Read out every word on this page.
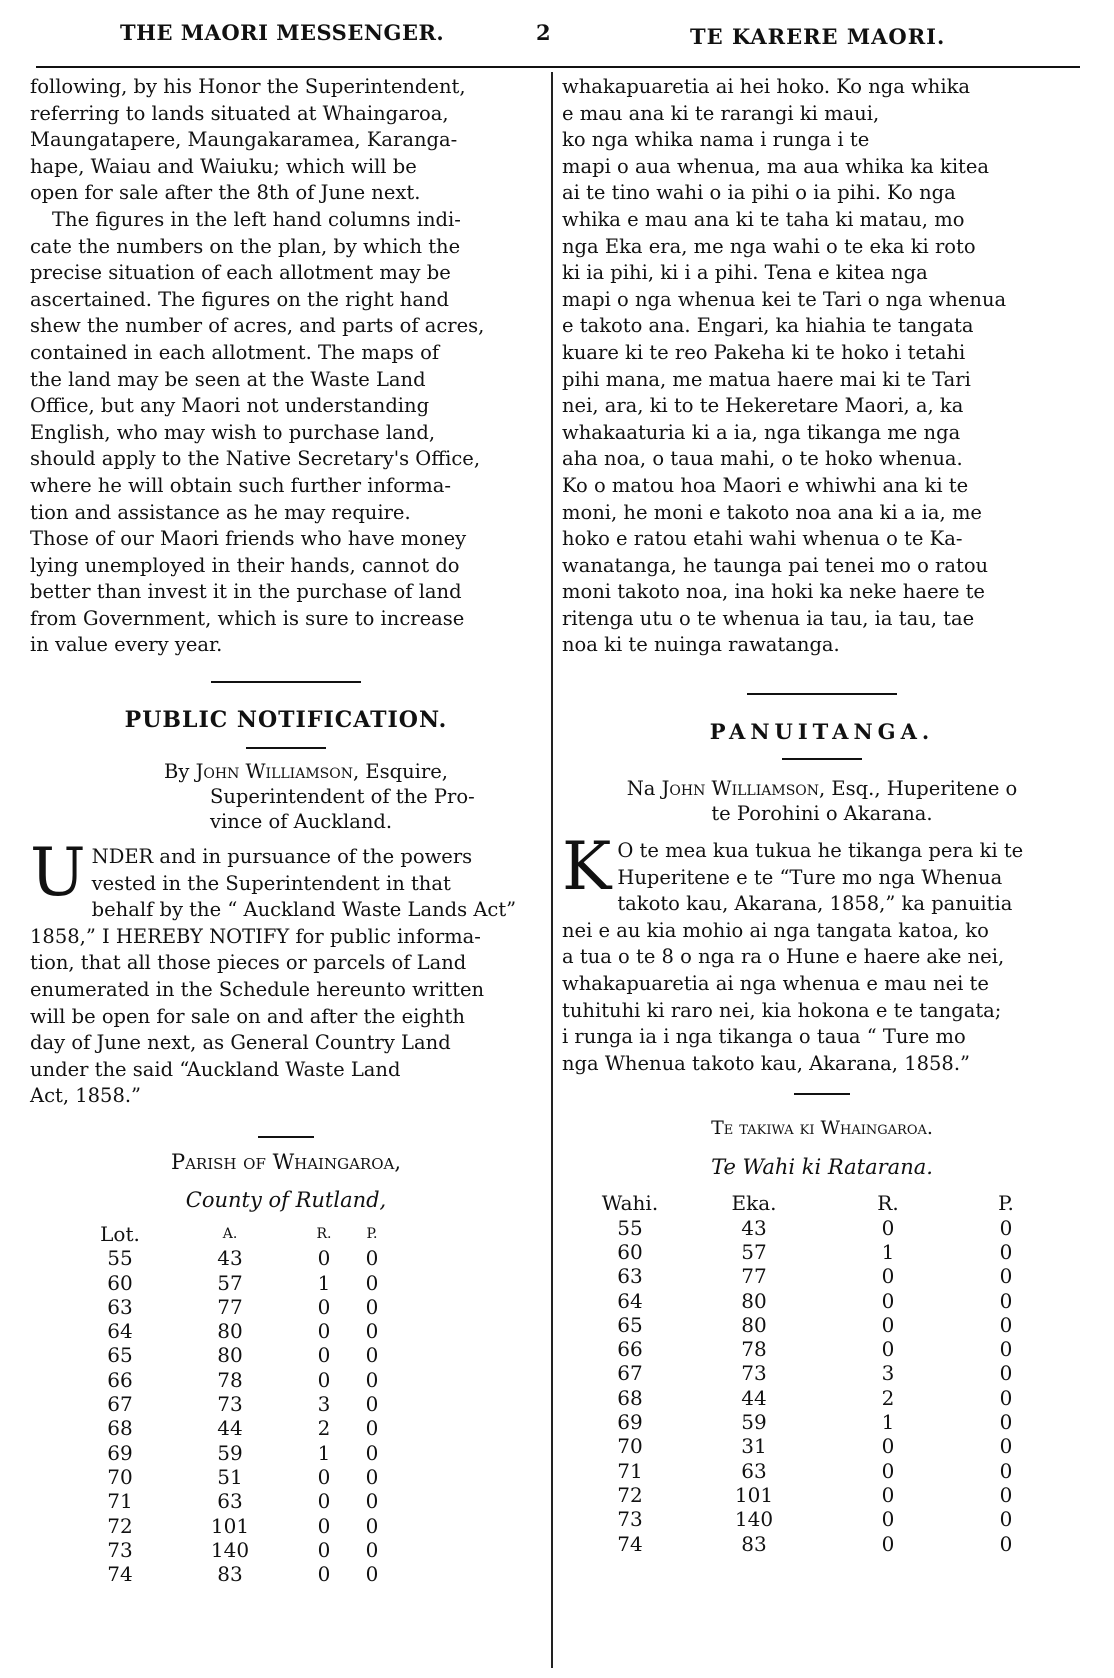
THE MAORI MESSENGER.	2	TE KARERE MAORI.
following, by his Honor the Superintendent,
referring to lands situated at Whaingaroa,
Maungatapere, Maungakaramea, Karanga-
hape, Waiau and Waiuku; which will be
open for sale after the 8th of June next.
The figures in the left hand columns indi-
cate the numbers on the plan, by which the
precise situation of each allotment may be
ascertained. The figures on the right hand
shew the number of acres, and parts of acres,
contained in each allotment. The maps of
the land may be seen at the Waste Land
Office, but any Maori not understanding
English, who may wish to purchase land,
should apply to the Native Secretary's Office,
where he will obtain such further informa-
tion and assistance as he may require.
Those of our Maori friends who have money
lying unemployed in their hands, cannot do
better than invest it in the purchase of land
from Government, which is sure to increase
in value every year.
PUBLIC NOTIFICATION.
By John Williamson, Esquire,
Superintendent of the Pro-
vince of Auckland.
U NDER and in pursuance of the powers
vested in the Superintendent in that
behalf by the “ Auckland Waste Lands Act”
1858,” I HEREBY NOTIFY for public informa-
tion, that all those pieces or parcels of Land
enumerated in the Schedule hereunto written
will be open for sale on and after the eighth
day of June next, as General Country Land
under the said “Auckland Waste Land
Act, 1858.”
Parish of Whaingaroa,
County of Rutland,
Lot.	A.	R.	P.
55	43	0	0
60	57	1	0
63	77	0	0
64	80	0	0
65	80	0	0
66	78	0	0
67	73	3	0
68	44	2	0
69	59	1	0
70	51	0	0
71	63	0	0
72	101	0	0
73	140	0	0
74	83	0	0
whakapuaretia ai hei hoko. Ko nga whika
e mau ana ki te rarangi ki maui,
ko nga whika nama i runga i te
mapi o aua whenua, ma aua whika ka kitea
ai te tino wahi o ia pihi o ia pihi. Ko nga
whika e mau ana ki te taha ki matau, mo
nga Eka era, me nga wahi o te eka ki roto
ki ia pihi, ki i a pihi. Tena e kitea nga
mapi o nga whenua kei te Tari o nga whenua
e takoto ana. Engari, ka hiahia te tangata
kuare ki te reo Pakeha ki te hoko i tetahi
pihi mana, me matua haere mai ki te Tari
nei, ara, ki to te Hekeretare Maori, a, ka
whakaaturia ki a ia, nga tikanga me nga
aha noa, o taua mahi, o te hoko whenua.
Ko o matou hoa Maori e whiwhi ana ki te
moni, he moni e takoto noa ana ki a ia, me
hoko e ratou etahi wahi whenua o te Ka-
wanatanga, he taunga pai tenei mo o ratou
moni takoto noa, ina hoki ka neke haere te
ritenga utu o te whenua ia tau, ia tau, tae
noa ki te nuinga rawatanga.
PANUITANGA.
Na John Williamson, Esq., Huperitene o
te Porohini o Akarana.
K O te mea kua tukua he tikanga pera ki te
Huperitene e te “Ture mo nga Whenua
takoto kau, Akarana, 1858,” ka panuitia
nei e au kia mohio ai nga tangata katoa, ko
a tua o te 8 o nga ra o Hune e haere ake nei,
whakapuaretia ai nga whenua e mau nei te
tuhituhi ki raro nei, kia hokona e te tangata;
i runga ia i nga tikanga o taua “ Ture mo
nga Whenua takoto kau, Akarana, 1858.”
Te takiwa ki Whaingaroa.
Te Wahi ki Ratarana.
Wahi.	Eka.	R.	P.
55	43	0	0
60	57	1	0
63	77	0	0
64	80	0	0
65	80	0	0
66	78	0	0
67	73	3	0
68	44	2	0
69	59	1	0
70	31	0	0
71	63	0	0
72	101	0	0
73	140	0	0
74	83	0	0
